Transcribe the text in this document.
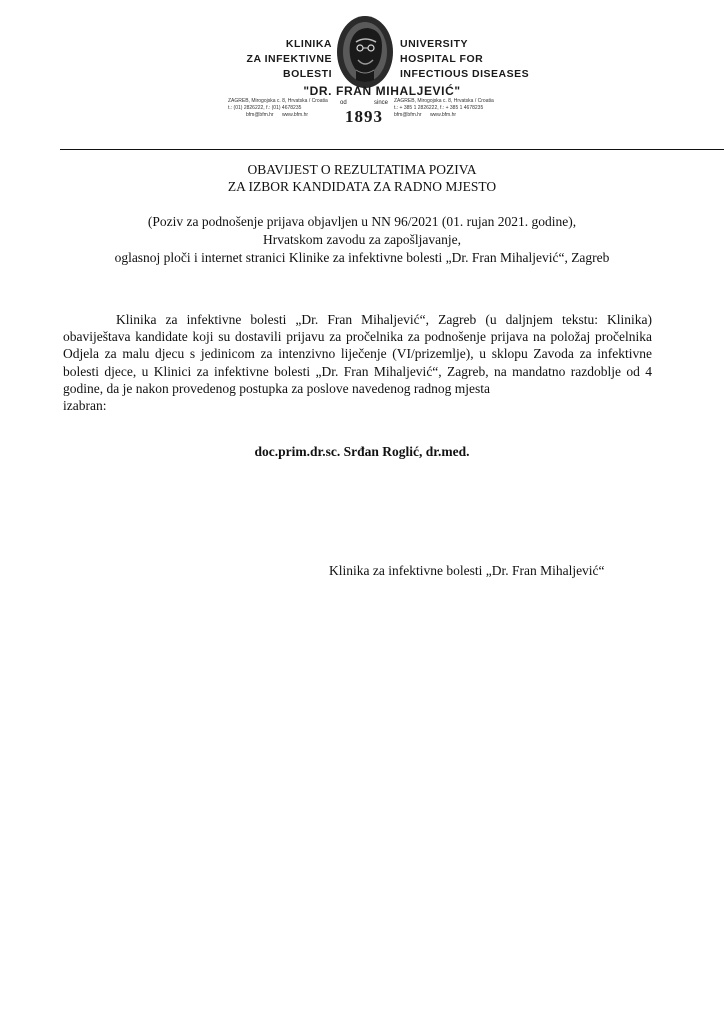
KLINIKA
ZA INFEKTIVNE
BOLESTI
UNIVERSITY
HOSPITAL FOR
INFECTIOUS DISEASES
"DR. FRAN MIHALJEVIĆ"
ZAGREB, Mirogojska c. 8, Hrvatska / Croatia
t.: (01) 2826222, f.: (01) 4678235
bfm@bfm.hr www.bfm.hr
od	since
1893
ZAGREB, Mirogojska c. 8, Hrvatska / Croatia
t.: + 385 1 2826222, f.: + 385 1 4678235
bfm@bfm.hr www.bfm.hr
OBAVIJEST O REZULTATIMA POZIVA
ZA IZBOR KANDIDATA ZA RADNO MJESTO
(Poziv za podnošenje prijava objavljen u NN 96/2021 (01. rujan 2021. godine),
Hrvatskom zavodu za zapošljavanje,
oglasnoj ploči i internet stranici Klinike za infektivne bolesti „Dr. Fran Mihaljević“, Zagreb
Klinika za infektivne bolesti „Dr. Fran Mihaljević“, Zagreb (u daljnjem tekstu: Klinika) obaviještava kandidate koji su dostavili prijavu za pročelnika za podnošenje prijava na položaj pročelnika Odjela za malu djecu s jedinicom za intenzivno liječenje (VI/prizemlje), u sklopu Zavoda za infektivne bolesti djece, u Klinici za infektivne bolesti „Dr. Fran Mihaljević“, Zagreb, na mandatno razdoblje od 4 godine, da je nakon provedenog postupka za poslove navedenog radnog mjesta
izabran:
doc.prim.dr.sc. Srđan Roglić, dr.med.
Klinika za infektivne bolesti „Dr. Fran Mihaljević“
